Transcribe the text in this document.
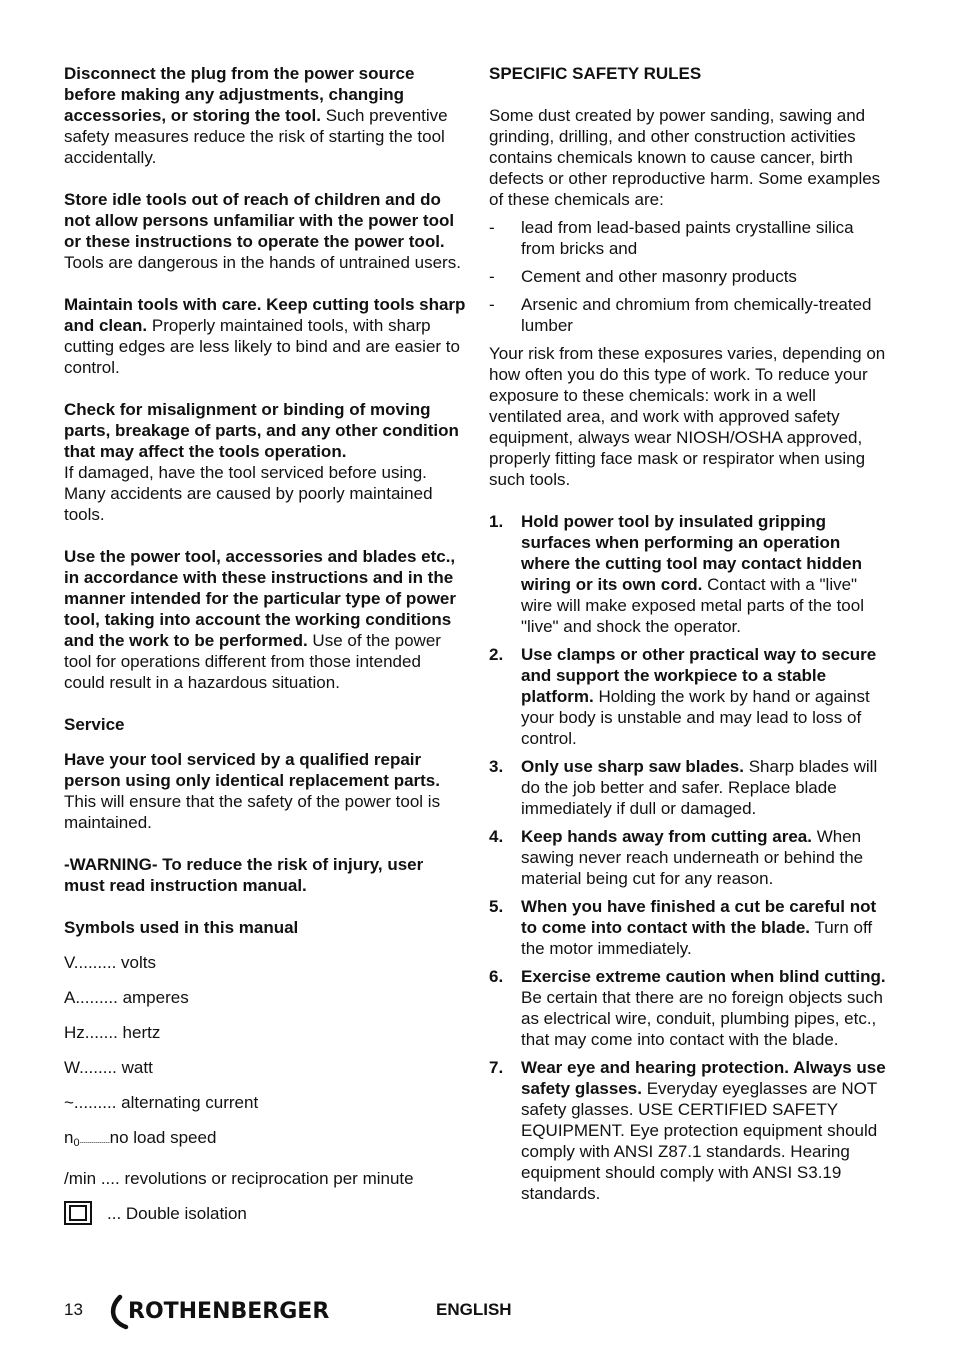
Disconnect the plug from the power source before making any adjustments, changing accessories, or storing the tool. Such preventive safety measures reduce the risk of starting the tool accidentally.

Store idle tools out of reach of children and do not allow persons unfamiliar with the power tool or these instructions to operate the power tool. Tools are dangerous in the hands of untrained users.

Maintain tools with care. Keep cutting tools sharp and clean. Properly maintained tools, with sharp cutting edges are less likely to bind and are easier to control.

Check for misalignment or binding of moving parts, breakage of parts, and any other condition that may affect the tools operation.

If damaged, have the tool serviced before using. Many accidents are caused by poorly maintained tools.

Use the power tool, accessories and blades etc., in accordance with these instructions and in the manner intended for the particular type of power tool, taking into account the working conditions and the work to be performed. Use of the power tool for operations different from those intended could result in a hazardous situation.

Service

Have your tool serviced by a qualified repair person using only identical replacement parts.

This will ensure that the safety of the power tool is maintained.

-WARNING- To reduce the risk of injury, user must read instruction manual.

Symbols used in this manual

V......... volts

A......... amperes

Hz....... hertz

W........ watt

~......... alternating current

$n_0...............no$ load speed

/min .... revolutions or reciprocation per minute

... Double isolation

SPECIFIC SAFETY RULES

Some dust created by power sanding, sawing and grinding, drilling, and other construction activities contains chemicals known to cause cancer, birth defects or other reproductive harm. Some examples of these chemicals are:

-	lead from lead-based paints crystalline silica from bricks and
-	Cement and other masonry products
-	Arsenic and chromium from chemically-treated lumber

Your risk from these exposures varies, depending on how often you do this type of work. To reduce your exposure to these chemicals: work in a well ventilated area, and work with approved safety equipment, always wear NIOSH/OSHA approved, properly fitting face mask or respirator when using such tools.

1.	Hold power tool by insulated gripping surfaces when performing an operation where the cutting tool may contact hidden wiring or its own cord. Contact with a "live" wire will make exposed metal parts of the tool "live" and shock the operator.

2.	Use clamps or other practical way to secure and support the workpiece to a stable platform. Holding the work by hand or against your body is unstable and may lead to loss of control.

3.	Only use sharp saw blades. Sharp blades will do the job better and safer. Replace blade immediately if dull or damaged.

4.	Keep hands away from cutting area. When sawing never reach underneath or behind the material being cut for any reason.

5.	When you have finished a cut be careful not to come into contact with the blade. Turn off the motor immediately.

6.	Exercise extreme caution when blind cutting. Be certain that there are no foreign objects such as electrical wire, conduit, plumbing pipes, etc., that may come into contact with the blade.

7.	Wear eye and hearing protection. Always use safety glasses. Everyday eyeglasses are NOT safety glasses. USE CERTIFIED SAFETY EQUIPMENT. Eye protection equipment should comply with ANSI Z87.1 standards. Hearing equipment should comply with ANSI S3.19 standards.

13 ROTHENBERGER	ENGLISH
